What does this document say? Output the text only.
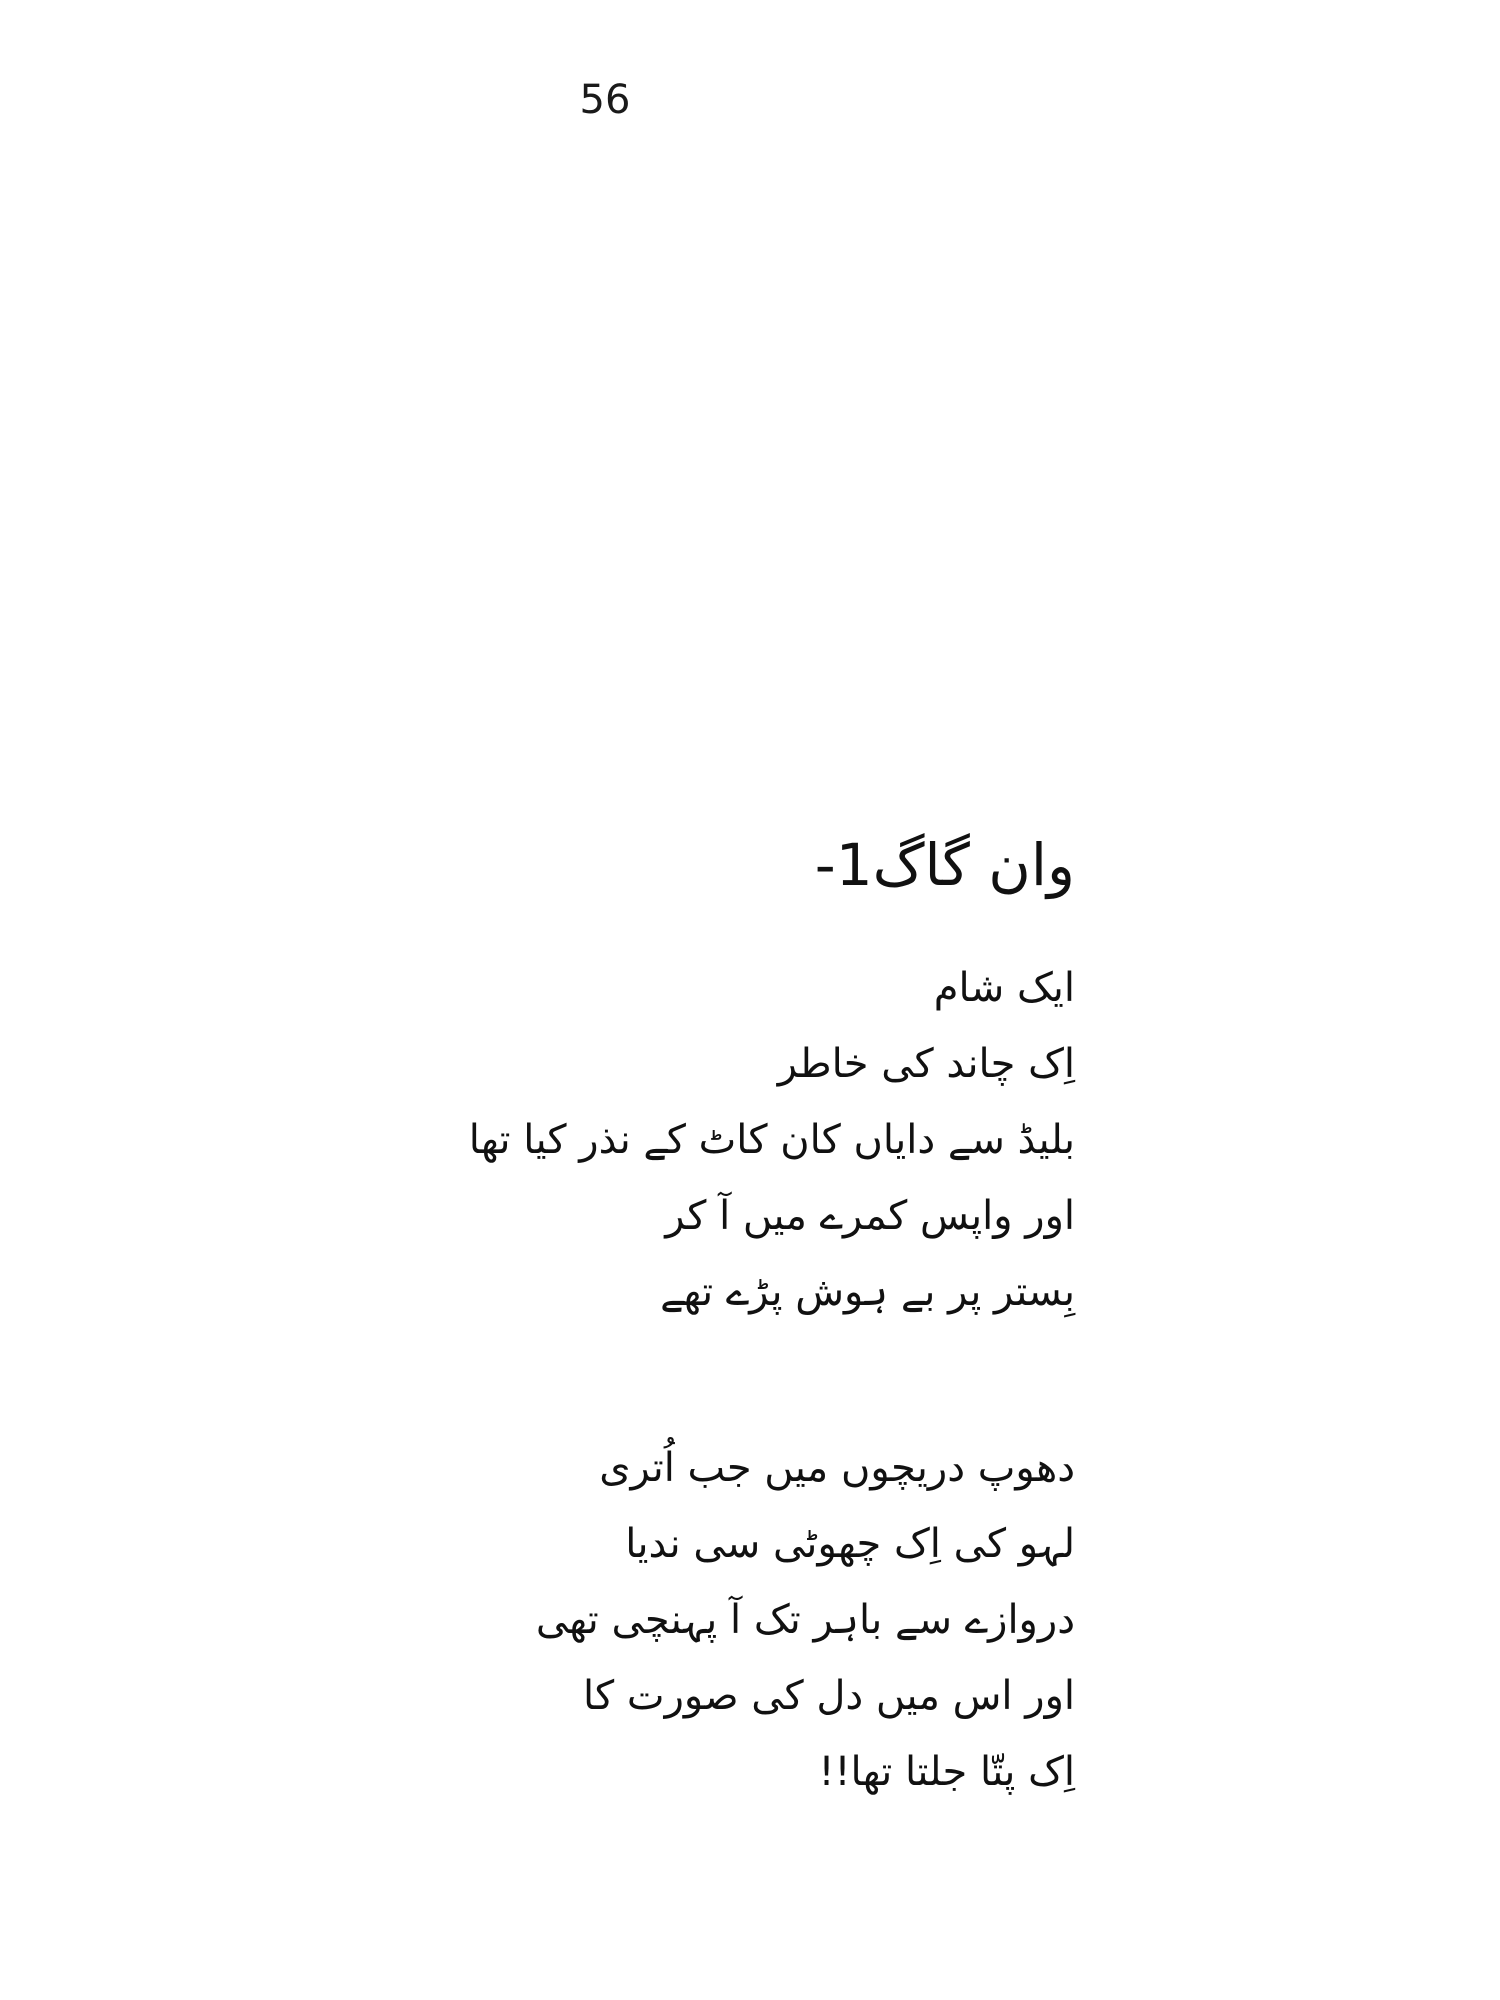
56
وان گاگ-1
ایک شام
اِک چاند کی خاطر
بلیڈ سے دایاں کان کاٹ کے نذر کیا تھا
اور واپس کمرے میں آ کر
بِستر پر بے ہوش پڑے تھے
دھوپ دریچوں میں جب اُتری
لہو کی اِک چھوٹی سی ندیا
دروازے سے باہر تک آ پہنچی تھی
اور اس میں دل کی صورت کا
اِک پتّا جلتا تھا!!
